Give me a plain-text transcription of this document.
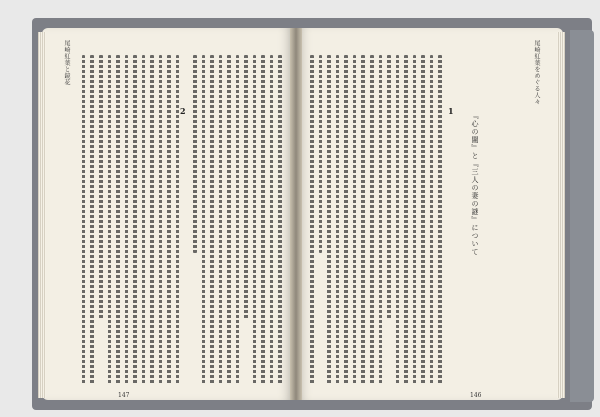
尾崎紅葉と鏡花	尾崎紅葉をめぐる人々
2	1
『心の闇』と『三人の妻の謎』について
147	146
